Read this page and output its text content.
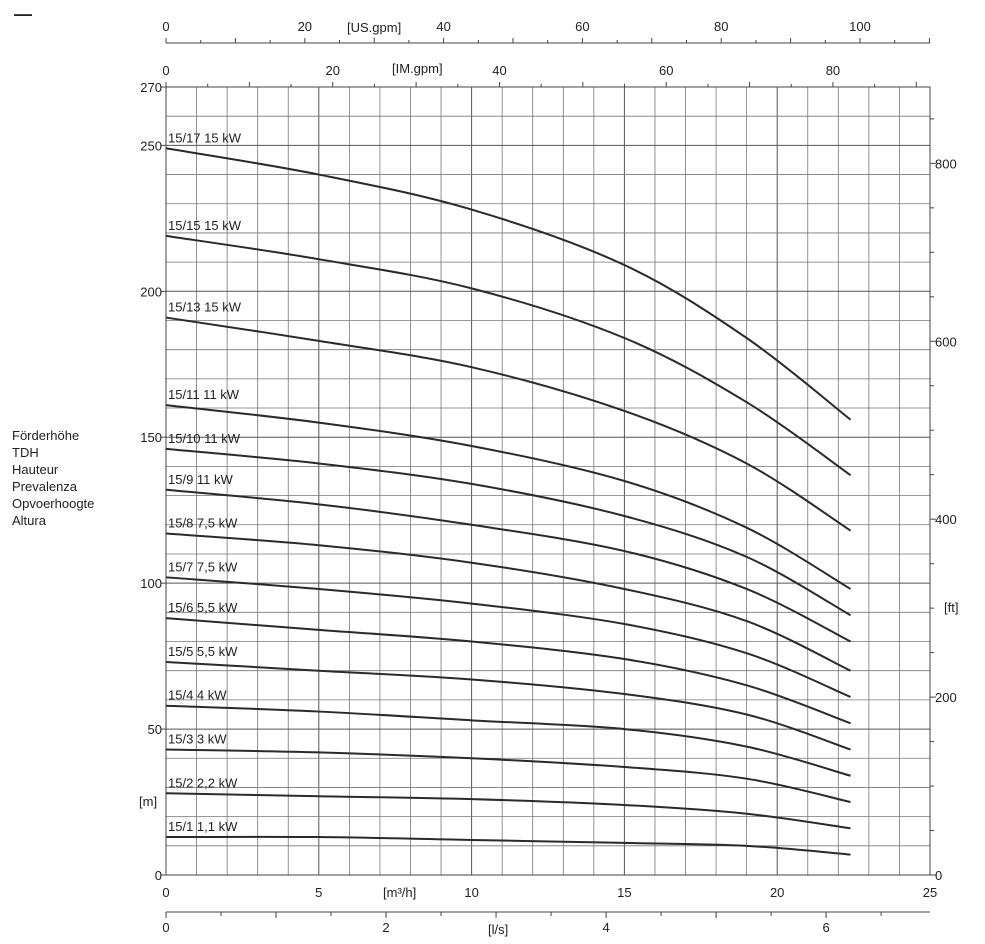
▬▬▬
0
50
100
150
200
250
270
0
200
400
600
800
0	5	10	15	20	25
0	2	4	6
0	20	40	60	80	100
0	20	40	60	80
15/17 15 kW
15/15 15 kW
15/13 15 kW
15/11 11 kW
15/10 11 kW
15/9 11 kW
15/8 7,5 kW
15/7 7,5 kW
15/6 5,5 kW
15/5 5,5 kW
15/4 4 kW
15/3 3 kW
15/2 2,2 kW
15/1 1,1 kW
Förderhöhe
TDH
Hauteur
Prevalenza
Opvoerhoogte
Altura
[m]
[ft]
[m³/h]
[l/s]
[IM.gpm]
[US.gpm]
